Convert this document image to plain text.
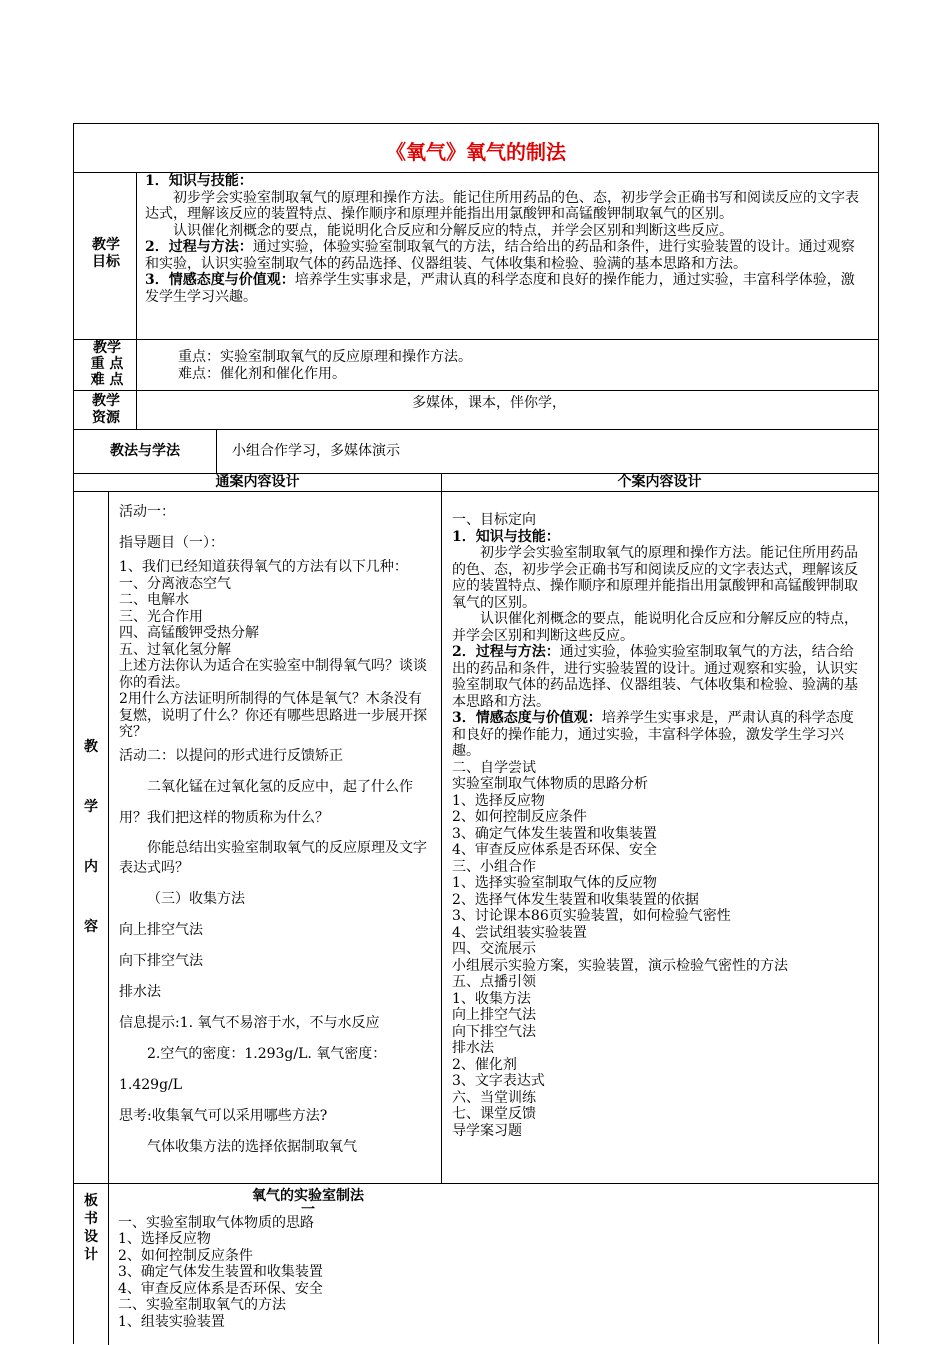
《氧气》氧气的制法
教学目标

1．知识与技能：

初步学会实验室制取氧气的原理和操作方法。能记住所用药品的色、态，初步学会正确书写和阅读反应的文字表达式，理解该反应的装置特点、操作顺序和原理并能指出用氯酸钾和高锰酸钾制取氧气的区别。

认识催化剂概念的要点，能说明化合反应和分解反应的特点，并学会区别和判断这些反应。

2．过程与方法：通过实验，体验实验室制取氧气的方法，结合给出的药品和条件，进行实验装置的设计。通过观察和实验，认识实验室制取气体的药品选择、仪器组装、气体收集和检验、验满的基本思路和方法。

3．情感态度与价值观：培养学生实事求是，严肃认真的科学态度和良好的操作能力，通过实验，丰富科学体验，激发学生学习兴趣。

教学
重 点
难 点

重点：实验室制取氧气的反应原理和操作方法。

难点：催化剂和催化作用。

教学资源

多媒体，课本，伴你学，

教法与学法	小组合作学习，多媒体演示

通案内容设计	个案内容设计
教
学
内
容

活动一：

指导题目（一）：

1、我们已经知道获得氧气的方法有以下几种：

一、分离液态空气

二、电解水

三、光合作用

四、高锰酸钾受热分解

五、过氧化氢分解

上述方法你认为适合在实验室中制得氧气吗？谈谈你的看法。

2用什么方法证明所制得的气体是氧气？木条没有复燃，说明了什么？你还有哪些思路进一步展开探究？

活动二：以提问的形式进行反馈矫正

二氧化锰在过氧化氢的反应中，起了什么作用？我们把这样的物质称为什么？

你能总结出实验室制取氧气的反应原理及文字表达式吗？

（三）收集方法

向上排空气法

向下排空气法

排水法

信息提示:1. 氧气不易溶于水，不与水反应

2.空气的密度：1.293g/L. 氧气密度：1.429g/L

思考:收集氧气可以采用哪些方法?

气体收集方法的选择依据制取氧气

一、目标定向

1．知识与技能：

初步学会实验室制取氧气的原理和操作方法。能记住所用药品的色、态，初步学会正确书写和阅读反应的文字表达式，理解该反应的装置特点、操作顺序和原理并能指出用氯酸钾和高锰酸钾制取氧气的区别。

认识催化剂概念的要点，能说明化合反应和分解反应的特点，并学会区别和判断这些反应。

2．过程与方法：通过实验，体验实验室制取氧气的方法，结合给出的药品和条件，进行实验装置的设计。通过观察和实验，认识实验室制取气体的药品选择、仪器组装、气体收集和检验、验满的基本思路和方法。

3．情感态度与价值观：培养学生实事求是，严肃认真的科学态度和良好的操作能力，通过实验，丰富科学体验，激发学生学习兴趣。

二、自学尝试

实验室制取气体物质的思路分析

1、选择反应物

2、如何控制反应条件

3、确定气体发生装置和收集装置

4、审查反应体系是否环保、安全

三、小组合作

1、选择实验室制取气体的反应物

2、选择气体发生装置和收集装置的依据

3、讨论课本86页实验装置，如何检验气密性

4、尝试组装实验装置

四、交流展示

小组展示实验方案，实验装置，演示检验气密性的方法

五、点播引领

1、收集方法

向上排空气法

向下排空气法

排水法

2、催化剂

3、文字表达式

六、当堂训练

七、课堂反馈

导学案习题

板
书
设
计

氧气的实验室制法

一

一、实验室制取气体物质的思路

1、选择反应物

2、如何控制反应条件

3、确定气体发生装置和收集装置

4、审查反应体系是否环保、安全

二、实验室制取氧气的方法

1、组装实验装置
